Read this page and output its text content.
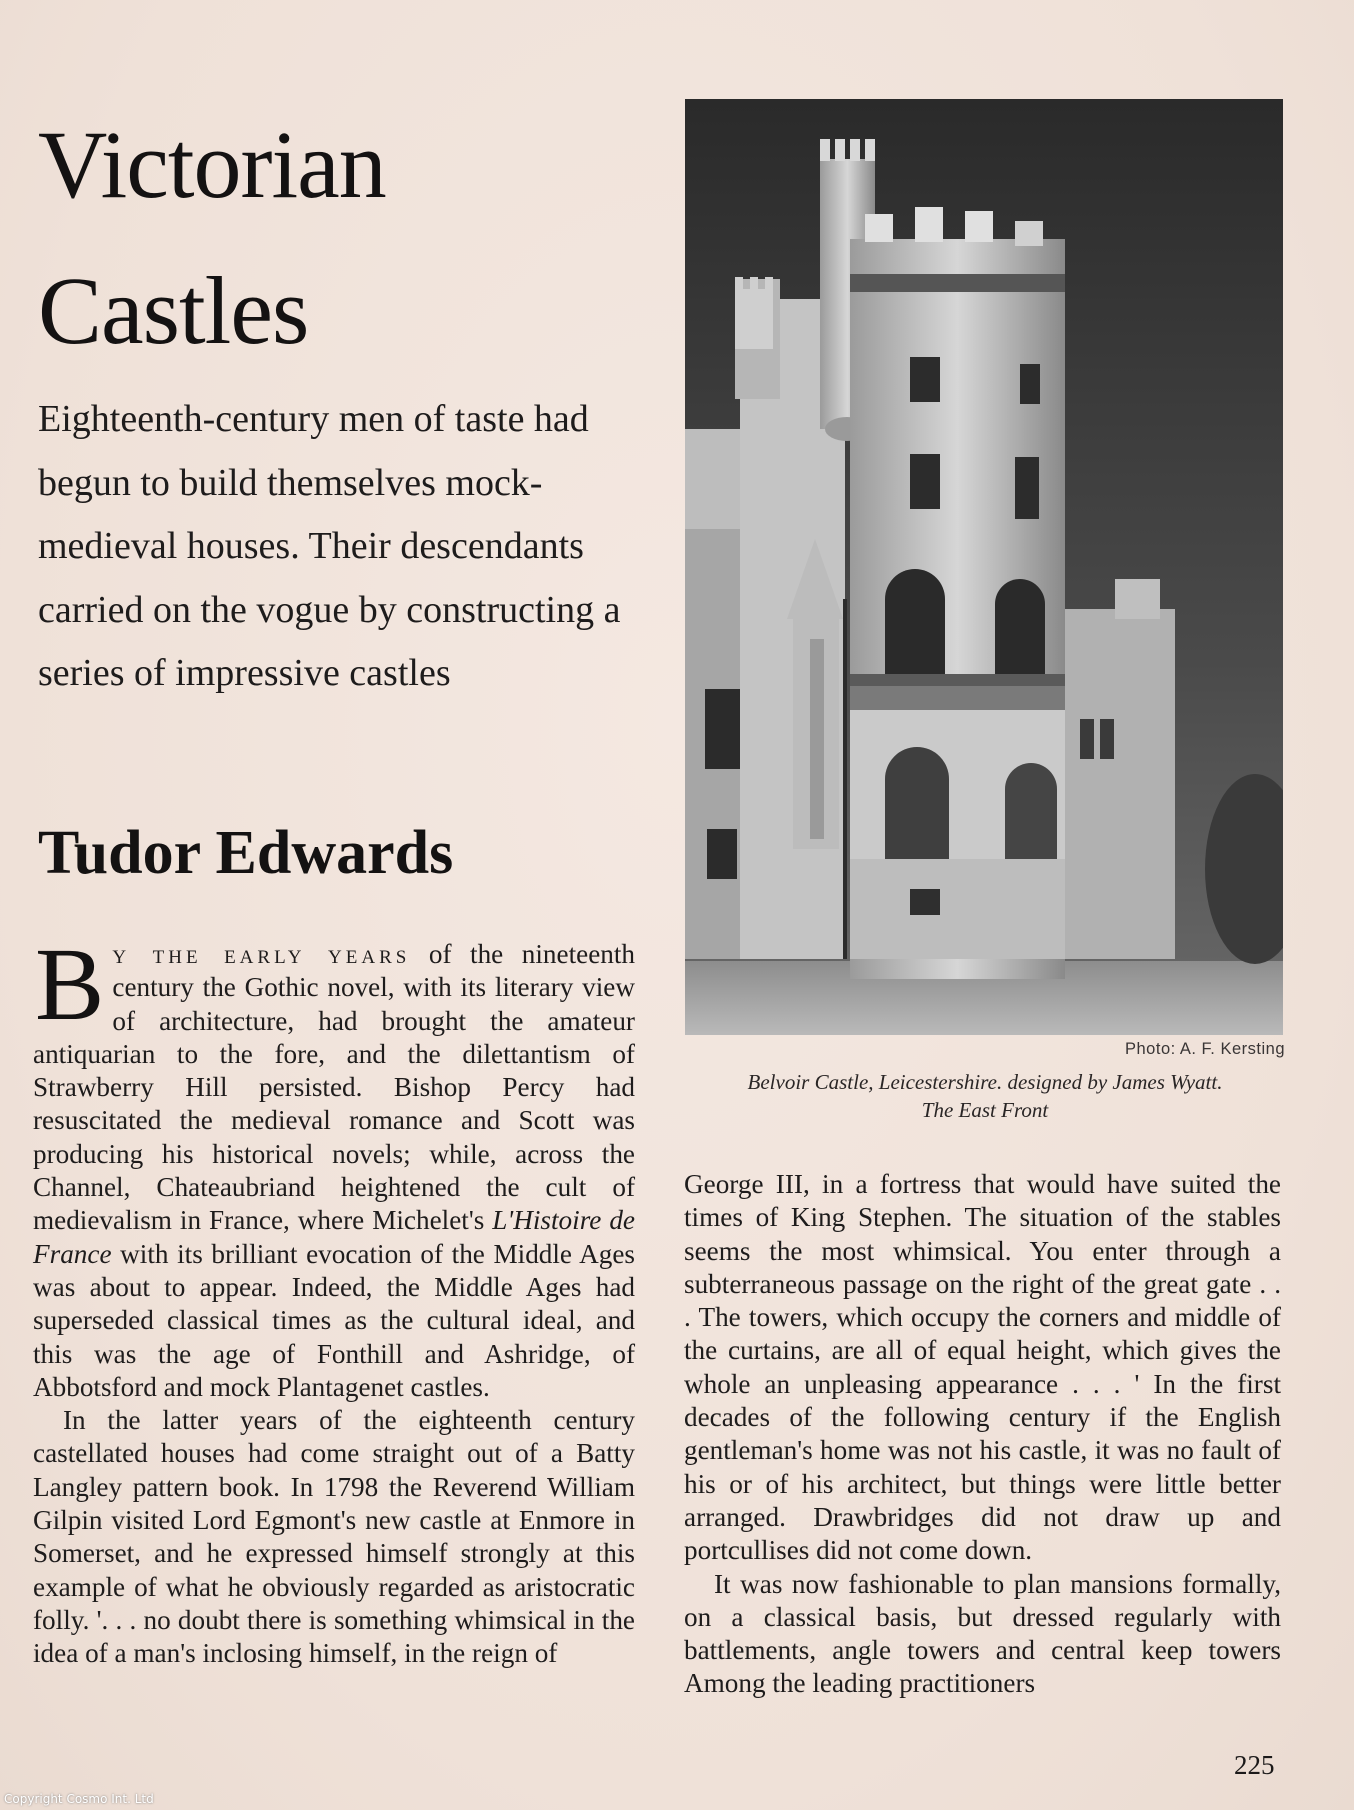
Victorian
Castles

Eighteenth-century men of taste had begun to build themselves mock-medieval houses. Their descendants carried on the vogue by constructing a series of impressive castles

Tudor Edwards

By the early years of the nineteenth century the Gothic novel, with its literary view of architecture, had brought the amateur antiquarian to the fore, and the dilettantism of Strawberry Hill persisted. Bishop Percy had resuscitated the medieval romance and Scott was producing his historical novels; while, across the Channel, Chateaubriand heightened the cult of medievalism in France, where Michelet's L'Histoire de France with its brilliant evocation of the Middle Ages was about to appear. Indeed, the Middle Ages had superseded classical times as the cultural ideal, and this was the age of Fonthill and Ashridge, of Abbotsford and mock Plantagenet castles.

In the latter years of the eighteenth century castellated houses had come straight out of a Batty Langley pattern book. In 1798 the Reverend William Gilpin visited Lord Egmont's new castle at Enmore in Somerset, and he expressed himself strongly at this example of what he obviously regarded as aristocratic folly. '. . . no doubt there is something whimsical in the idea of a man's inclosing himself, in the reign of

Photo: A. F. Kersting
Belvoir Castle, Leicestershire. designed by James Wyatt.
The East Front

George III, in a fortress that would have suited the times of King Stephen. The situation of the stables seems the most whimsical. You enter through a subterraneous passage on the right of the great gate . . . The towers, which occupy the corners and middle of the curtains, are all of equal height, which gives the whole an unpleasing appearance . . . ' In the first decades of the following century if the English gentleman's home was not his castle, it was no fault of his or of his architect, but things were little better arranged. Drawbridges did not draw up and portcullises did not come down.

It was now fashionable to plan mansions formally, on a classical basis, but dressed regularly with battlements, angle towers and central keep towers Among the leading practitioners

225
Copyright Cosmo Int. Ltd
